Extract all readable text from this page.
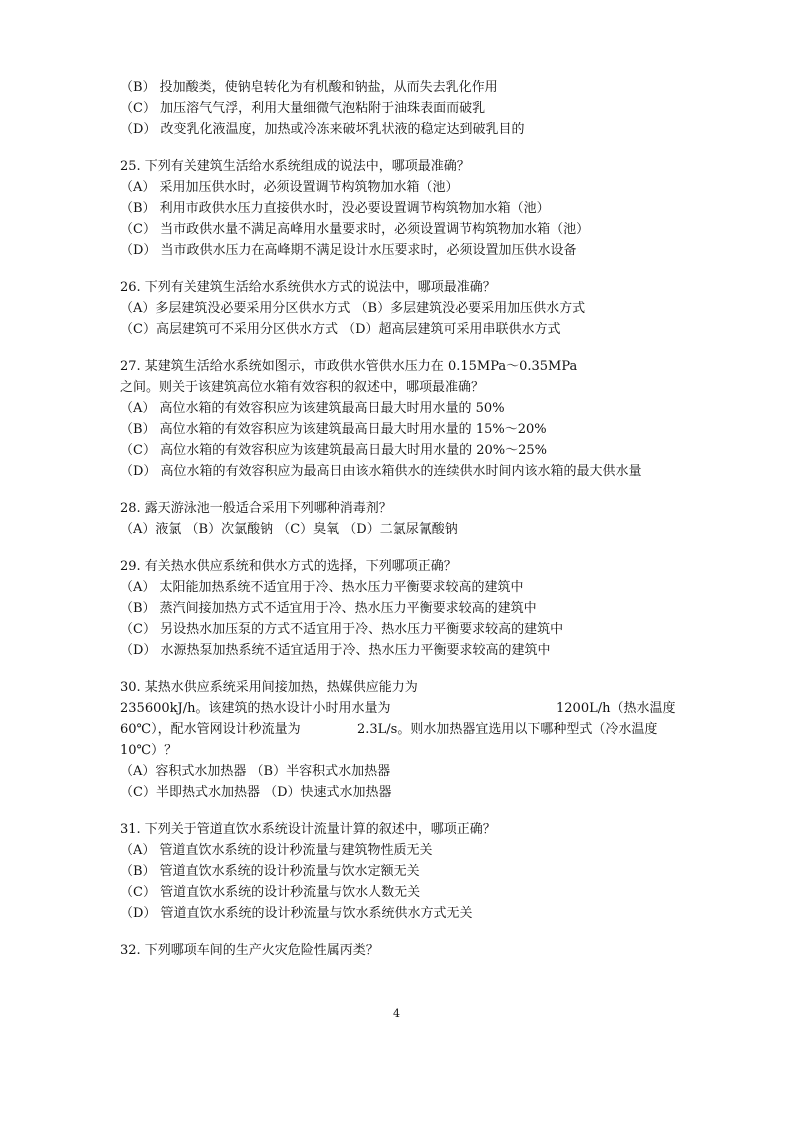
（B） 投加酸类，使钠皂转化为有机酸和钠盐，从而失去乳化作用
（C） 加压溶气气浮，利用大量细微气泡粘附于油珠表面而破乳
（D） 改变乳化液温度，加热或冷冻来破坏乳状液的稳定达到破乳目的
25. 下列有关建筑生活给水系统组成的说法中，哪项最准确？
（A） 采用加压供水时，必须设置调节构筑物加水箱（池）
（B） 利用市政供水压力直接供水时，没必要设置调节构筑物加水箱（池）
（C） 当市政供水量不满足高峰用水量要求时，必须设置调节构筑物加水箱（池）
（D） 当市政供水压力在高峰期不满足设计水压要求时，必须设置加压供水设备
26. 下列有关建筑生活给水系统供水方式的说法中，哪项最准确？
（A）多层建筑没必要采用分区供水方式 （B）多层建筑没必要采用加压供水方式
（C）高层建筑可不采用分区供水方式 （D）超高层建筑可采用串联供水方式
27. 某建筑生活给水系统如图示，市政供水管供水压力在 0.15MPa～0.35MPa
之间。则关于该建筑高位水箱有效容积的叙述中，哪项最准确？
（A） 高位水箱的有效容积应为该建筑最高日最大时用水量的 50%
（B） 高位水箱的有效容积应为该建筑最高日最大时用水量的 15%～20%
（C） 高位水箱的有效容积应为该建筑最高日最大时用水量的 20%～25%
（D） 高位水箱的有效容积应为最高日由该水箱供水的连续供水时间内该水箱的最大供水量
28. 露天游泳池一般适合采用下列哪种消毒剂？
（A）液氯 （B）次氯酸钠 （C）臭氧 （D）二氯尿氰酸钠
29. 有关热水供应系统和供水方式的选择，下列哪项正确？
（A） 太阳能加热系统不适宜用于冷、热水压力平衡要求较高的建筑中
（B） 蒸汽间接加热方式不适宜用于冷、热水压力平衡要求较高的建筑中
（C） 另设热水加压泵的方式不适宜用于冷、热水压力平衡要求较高的建筑中
（D） 水源热泵加热系统不适宜适用于冷、热水压力平衡要求较高的建筑中
30. 某热水供应系统采用间接加热，热媒供应能力为
235600kJ/h。该建筑的热水设计小时用水量为	1200L/h（热水温度
60℃），配水管网设计秒流量为	2.3L/s。则水加热器宜选用以下哪种型式（冷水温度
10℃）？
（A）容积式水加热器 （B）半容积式水加热器
（C）半即热式水加热器 （D）快速式水加热器
31. 下列关于管道直饮水系统设计流量计算的叙述中，哪项正确？
（A） 管道直饮水系统的设计秒流量与建筑物性质无关
（B） 管道直饮水系统的设计秒流量与饮水定额无关
（C） 管道直饮水系统的设计秒流量与饮水人数无关
（D） 管道直饮水系统的设计秒流量与饮水系统供水方式无关
32. 下列哪项车间的生产火灾危险性属丙类？
4
